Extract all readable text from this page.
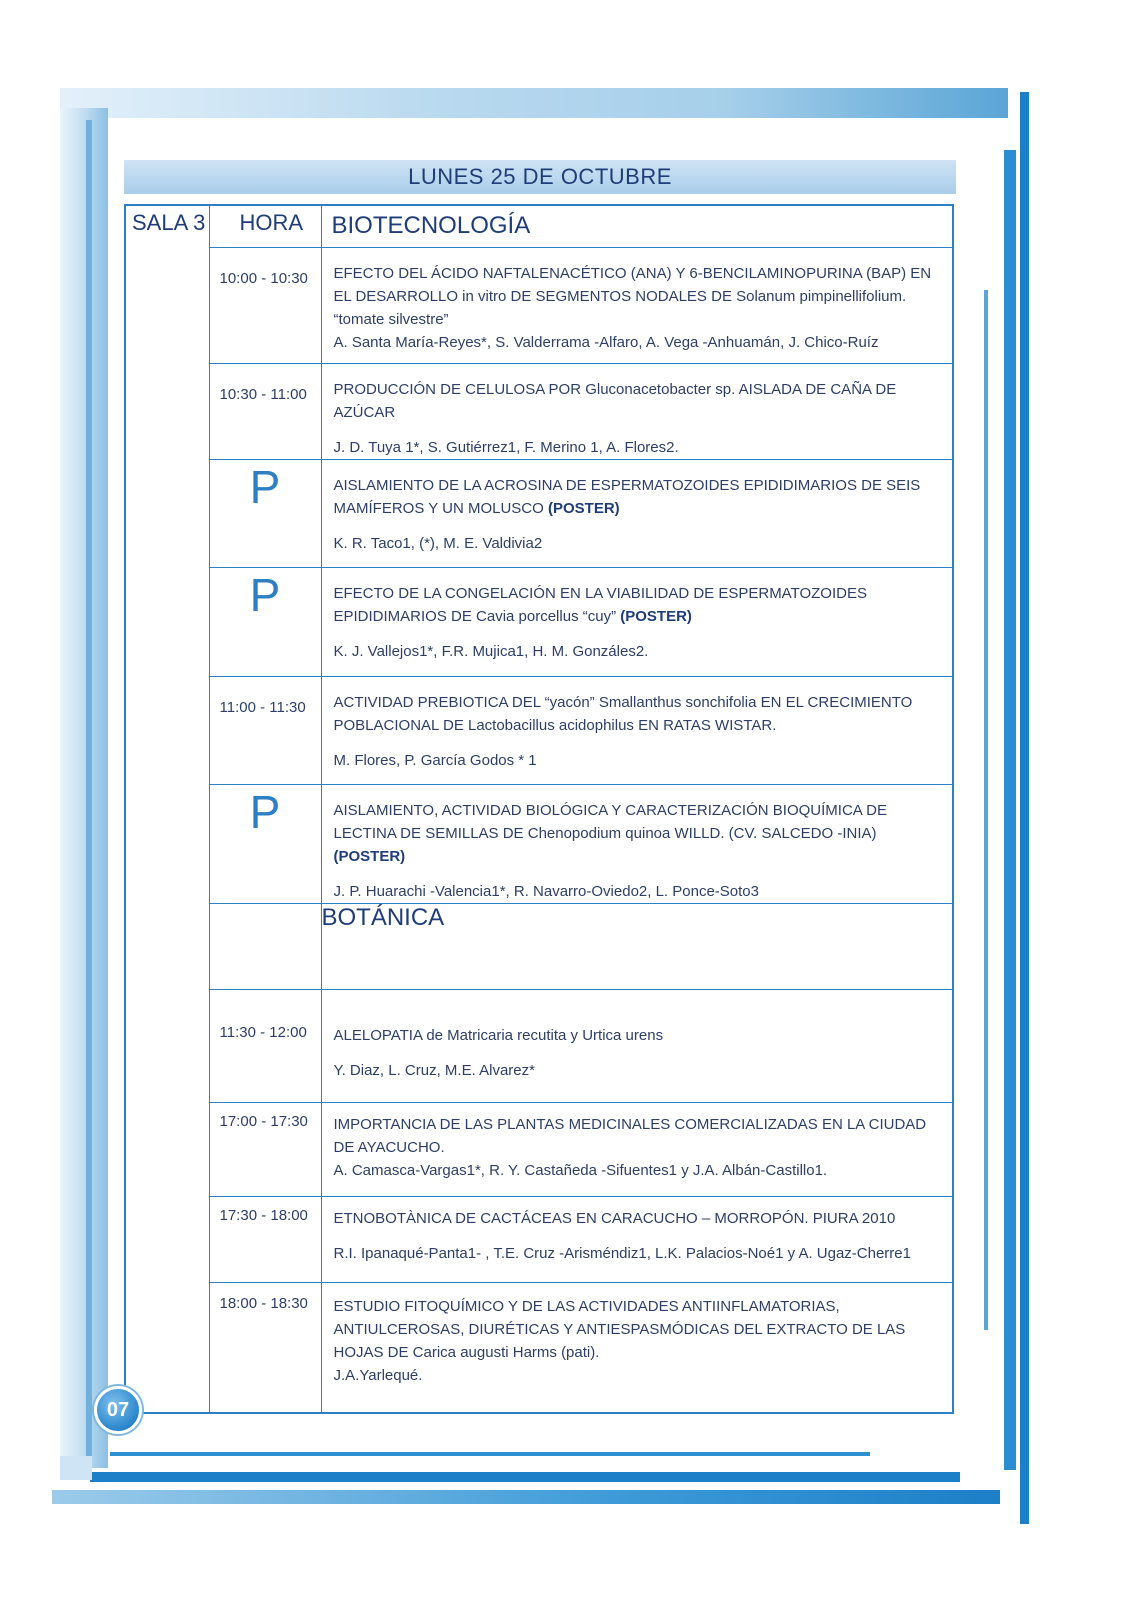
LUNES 25 DE OCTUBRE
SALA 3	HORA	BIOTECNOLOGÍA
	10:00 - 10:30	EFECTO DEL ÁCIDO NAFTALENACÉTICO (ANA) Y 6-BENCILAMINOPURINA (BAP) EN EL DESARROLLO in vitro DE SEGMENTOS NODALES DE Solanum pimpinellifolium. “tomate silvestre”
A. Santa María-Reyes*, S. Valderrama -Alfaro, A. Vega -Anhuamán, J. Chico-Ruíz

	10:30 - 11:00	PRODUCCIÓN DE CELULOSA POR Gluconacetobacter sp. AISLADA DE CAÑA DE AZÚCAR
J. D. Tuya 1*, S. Gutiérrez1, F. Merino 1, A. Flores2.

	P	AISLAMIENTO DE LA ACROSINA DE ESPERMATOZOIDES EPIDIDIMARIOS DE SEIS MAMÍFEROS Y UN MOLUSCO (POSTER)
K. R. Taco1, (*), M. E. Valdivia2

	P	EFECTO DE LA CONGELACIÓN EN LA VIABILIDAD DE ESPERMATOZOIDES EPIDIDIMARIOS DE Cavia porcellus “cuy” (POSTER)
K. J. Vallejos1*, F.R. Mujica1, H. M. Gonzáles2.

	11:00 - 11:30	ACTIVIDAD PREBIOTICA DEL “yacón” Smallanthus sonchifolia EN EL CRECIMIENTO POBLACIONAL DE Lactobacillus acidophilus EN RATAS WISTAR.
M. Flores, P. García Godos * 1

	P	AISLAMIENTO, ACTIVIDAD BIOLÓGICA Y CARACTERIZACIÓN BIOQUÍMICA DE LECTINA DE SEMILLAS DE Chenopodium quinoa WILLD. (CV. SALCEDO -INIA) (POSTER)
J. P. Huarachi -Valencia1*, R. Navarro-Oviedo2, L. Ponce-Soto3

		BOTÁNICA
	11:30 - 12:00	ALELOPATIA de Matricaria recutita y Urtica urens
Y. Diaz, L. Cruz, M.E. Alvarez*

	17:00 - 17:30	IMPORTANCIA DE LAS PLANTAS MEDICINALES COMERCIALIZADAS EN LA CIUDAD DE AYACUCHO.
A. Camasca-Vargas1*, R. Y. Castañeda -Sifuentes1 y J.A. Albán-Castillo1.

	17:30 - 18:00	ETNOBOTÀNICA DE CACTÁCEAS EN CARACUCHO – MORROPÓN. PIURA 2010
R.I. Ipanaqué-Panta1- , T.E. Cruz -Arisméndiz1, L.K. Palacios-Noé1 y A. Ugaz-Cherre1

	18:00 - 18:30	ESTUDIO FITOQUÍMICO Y DE LAS ACTIVIDADES ANTIINFLAMATORIAS, ANTIULCEROSAS, DIURÉTICAS Y ANTIESPASMÓDICAS DEL EXTRACTO DE LAS HOJAS DE Carica augusti Harms (pati).
J.A.Yarlequé.
07
